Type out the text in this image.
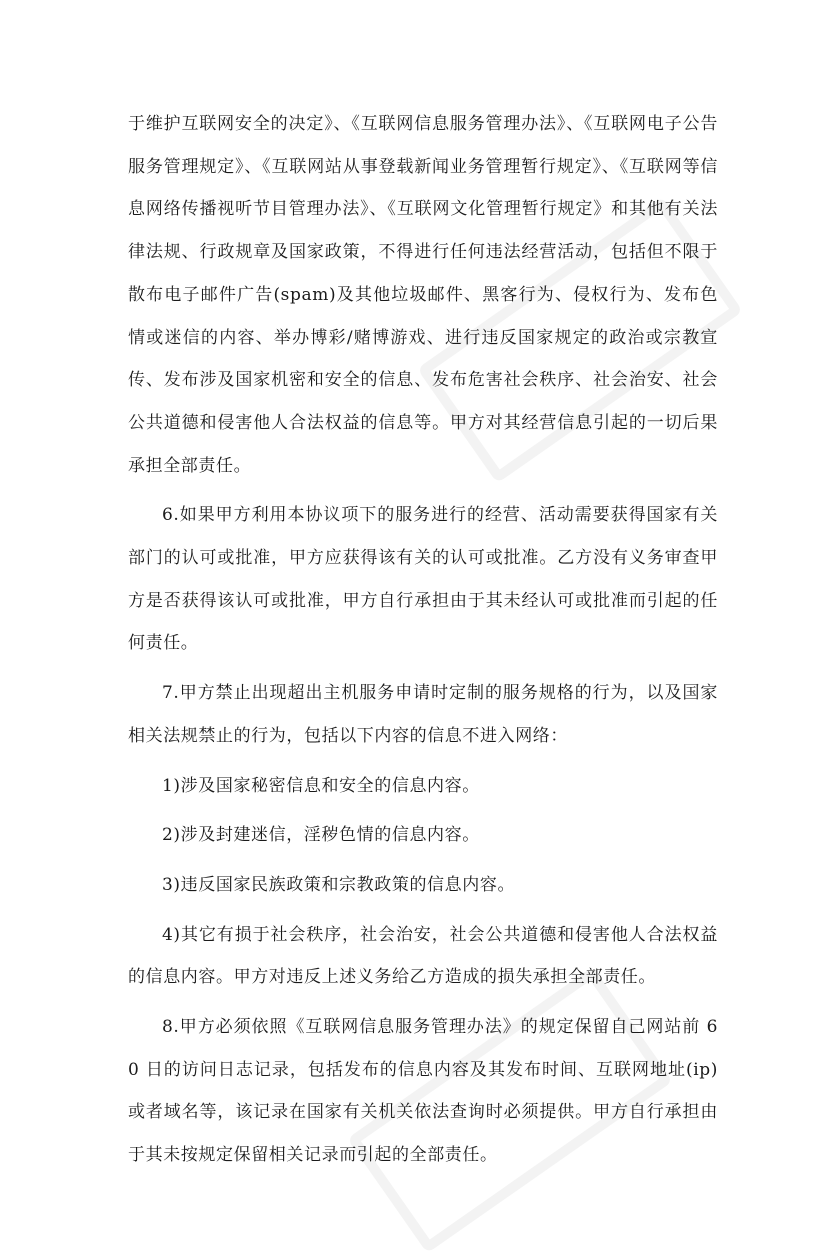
于维护互联网安全的决定》、《互联网信息服务管理办法》、《互联网电子公告服务管理规定》、《互联网站从事登载新闻业务管理暂行规定》、《互联网等信息网络传播视听节目管理办法》、《互联网文化管理暂行规定》和其他有关法律法规、行政规章及国家政策，不得进行任何违法经营活动，包括但不限于散布电子邮件广告(spam)及其他垃圾邮件、黑客行为、侵权行为、发布色情或迷信的内容、举办博彩/赌博游戏、进行违反国家规定的政治或宗教宣传、发布涉及国家机密和安全的信息、发布危害社会秩序、社会治安、社会公共道德和侵害他人合法权益的信息等。甲方对其经营信息引起的一切后果承担全部责任。

6.如果甲方利用本协议项下的服务进行的经营、活动需要获得国家有关部门的认可或批准，甲方应获得该有关的认可或批准。乙方没有义务审查甲方是否获得该认可或批准，甲方自行承担由于其未经认可或批准而引起的任何责任。

7.甲方禁止出现超出主机服务申请时定制的服务规格的行为，以及国家相关法规禁止的行为，包括以下内容的信息不进入网络：

1)涉及国家秘密信息和安全的信息内容。

2)涉及封建迷信，淫秽色情的信息内容。

3)违反国家民族政策和宗教政策的信息内容。

4)其它有损于社会秩序，社会治安，社会公共道德和侵害他人合法权益的信息内容。甲方对违反上述义务给乙方造成的损失承担全部责任。

8.甲方必须依照《互联网信息服务管理办法》的规定保留自己网站前 60 日的访问日志记录，包括发布的信息内容及其发布时间、互联网地址(ip)或者域名等，该记录在国家有关机关依法查询时必须提供。甲方自行承担由于其未按规定保留相关记录而引起的全部责任。
